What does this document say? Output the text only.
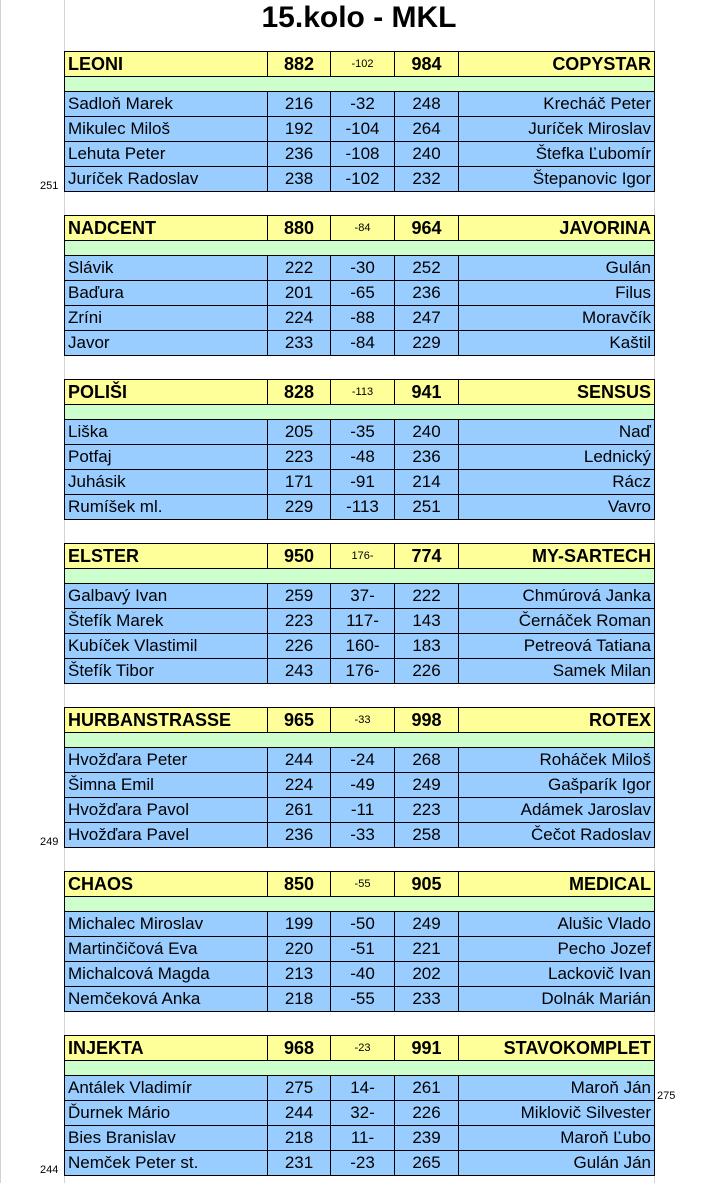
15.kolo - MKL
LEONI	882	-102	984	COPYSTAR

Sadloň Marek	216	-32	248	Krecháč Peter
Mikulec Miloš	192	-104	264	Juríček Miroslav
Lehuta Peter	236	-108	240	Štefka Ľubomír
Juríček Radoslav	238	-102	232	Štepanovic Igor
NADCENT	880	-84	964	JAVORINA

Slávik	222	-30	252	Gulán
Baďura	201	-65	236	Filus
Zríni	224	-88	247	Moravčík
Javor	233	-84	229	Kaštil
POLIŠI	828	-113	941	SENSUS

Liška	205	-35	240	Naď
Potfaj	223	-48	236	Lednický
Juhásik	171	-91	214	Rácz
Rumíšek ml.	229	-113	251	Vavro
ELSTER	950	176-	774	MY-SARTECH

Galbavý Ivan	259	37-	222	Chmúrová Janka
Štefík Marek	223	117-	143	Černáček Roman
Kubíček Vlastimil	226	160-	183	Petreová Tatiana
Štefík Tibor	243	176-	226	Samek Milan
HURBANSTRASSE	965	-33	998	ROTEX

Hvožďara Peter	244	-24	268	Roháček Miloš
Šimna Emil	224	-49	249	Gašparík Igor
Hvožďara Pavol	261	-11	223	Adámek Jaroslav
Hvožďara Pavel	236	-33	258	Čečot Radoslav
CHAOS	850	-55	905	MEDICAL

Michalec Miroslav	199	-50	249	Alušic Vlado
Martinčičová Eva	220	-51	221	Pecho Jozef
Michalcová Magda	213	-40	202	Lackovič Ivan
Nemčeková Anka	218	-55	233	Dolnák Marián
INJEKTA	968	-23	991	STAVOKOMPLET

Antálek Vladimír	275	14-	261	Maroň Ján
Ďurnek Mário	244	32-	226	Miklovič Silvester
Bies Branislav	218	11-	239	Maroň Ľubo
Nemček Peter st.	231	-23	265	Gulán Ján
251
249
275
244
